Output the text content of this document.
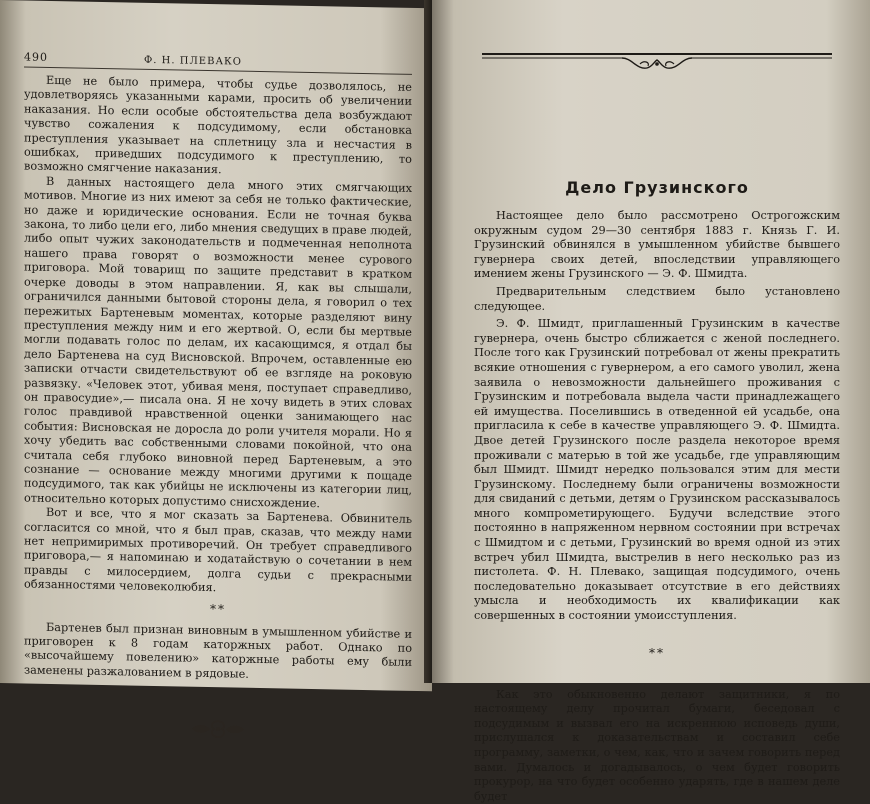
490	Ф. Н. ПЛЕВАКО

Еще не было примера, чтобы судье дозволялось, не удовлетворяясь указанными карами, просить об увеличении наказания. Но если особые обстоятельства дела возбуждают чувство сожаления к подсудимому, если обстановка преступления указывает на сплетницу зла и несчастия в ошибках, приведших подсудимого к преступлению, то возможно смягчение наказания.

В данных настоящего дела много этих смягчающих мотивов. Многие из них имеют за себя не только фактические, но даже и юридические основания. Если не точная буква закона, то либо цели его, либо мнения сведущих в праве людей, либо опыт чужих законодательств и подмеченная неполнота нашего права говорят о возможности менее сурового приговора. Мой товарищ по защите представит в кратком очерке доводы в этом направлении. Я, как вы слышали, ограничился данными бытовой стороны дела, я говорил о тех пережитых Бартеневым моментах, которые разделяют вину преступления между ним и его жертвой. О, если бы мертвые могли подавать голос по делам, их касающимся, я отдал бы дело Бартенева на суд Висновской. Впрочем, оставленные ею записки отчасти свидетельствуют об ее взгляде на роковую развязку. «Человек этот, убивая меня, поступает справедливо, он правосудие»,— писала она. Я не хочу видеть в этих словах голос правдивой нравственной оценки занимающего нас события: Висновская не доросла до роли учителя морали. Но я хочу убедить вас собственными словами покойной, что она считала себя глубоко виновной перед Бартеневым, а это сознание — основание между многими другими к пощаде подсудимого, так как убийцы не исключены из категории лиц, относительно которых допустимо снисхождение.

Вот и все, что я мог сказать за Бартенева. Обвинитель согласится со мной, что я был прав, сказав, что между нами нет непримиримых противоречий. Он требует справедливого приговора,— я напоминаю и ходатайствую о сочетании в нем правды с милосердием, долга судьи с прекрасными обязанностями человеколюбия.

**

Бартенев был признан виновным в умышленном убийстве и приговорен к 8 годам каторжных работ. Однако по «высочайшему повелению» каторжные работы ему были заменены разжалованием в рядовые.

Дело Грузинского

Настоящее дело было рассмотрено Острогожским окружным судом 29—30 сентября 1883 г. Князь Г. И. Грузинский обвинялся в умышленном убийстве бывшего гувернера своих детей, впоследствии управляющего имением жены Грузинского — Э. Ф. Шмидта.

Предварительным следствием было установлено следующее.

Э. Ф. Шмидт, приглашенный Грузинским в качестве гувернера, очень быстро сближается с женой последнего. После того как Грузинский потребовал от жены прекратить всякие отношения с гувернером, а его самого уволил, жена заявила о невозможности дальнейшего проживания с Грузинским и потребовала выдела части принадлежащего ей имущества. Поселившись в отведенной ей усадьбе, она пригласила к себе в качестве управляющего Э. Ф. Шмидта. Двое детей Грузинского после раздела некоторое время проживали с матерью в той же усадьбе, где управляющим был Шмидт. Шмидт нередко пользовался этим для мести Грузинскому. Последнему были ограничены возможности для свиданий с детьми, детям о Грузинском рассказывалось много компрометирующего. Будучи вследствие этого постоянно в напряженном нервном состоянии при встречах с Шмидтом и с детьми, Грузинский во время одной из этих встреч убил Шмидта, выстрелив в него несколько раз из пистолета. Ф. Н. Плевако, защищая подсудимого, очень последовательно доказывает отсутствие в его действиях умысла и необходимость их квалификации как совершенных в состоянии умоисступления.

**

Как это обыкновенно делают защитники, я по настоящему делу прочитал бумаги, беседовал с подсудимым и вызвал его на искреннюю исповедь души, прислушался к доказательствам и составил себе программу, заметки, о чем, как, что и зачем говорить перед вами. Думалось и догадывалось, о чем будет говорить прокурор, на что будет особенно ударять, где в нашем деле будет
